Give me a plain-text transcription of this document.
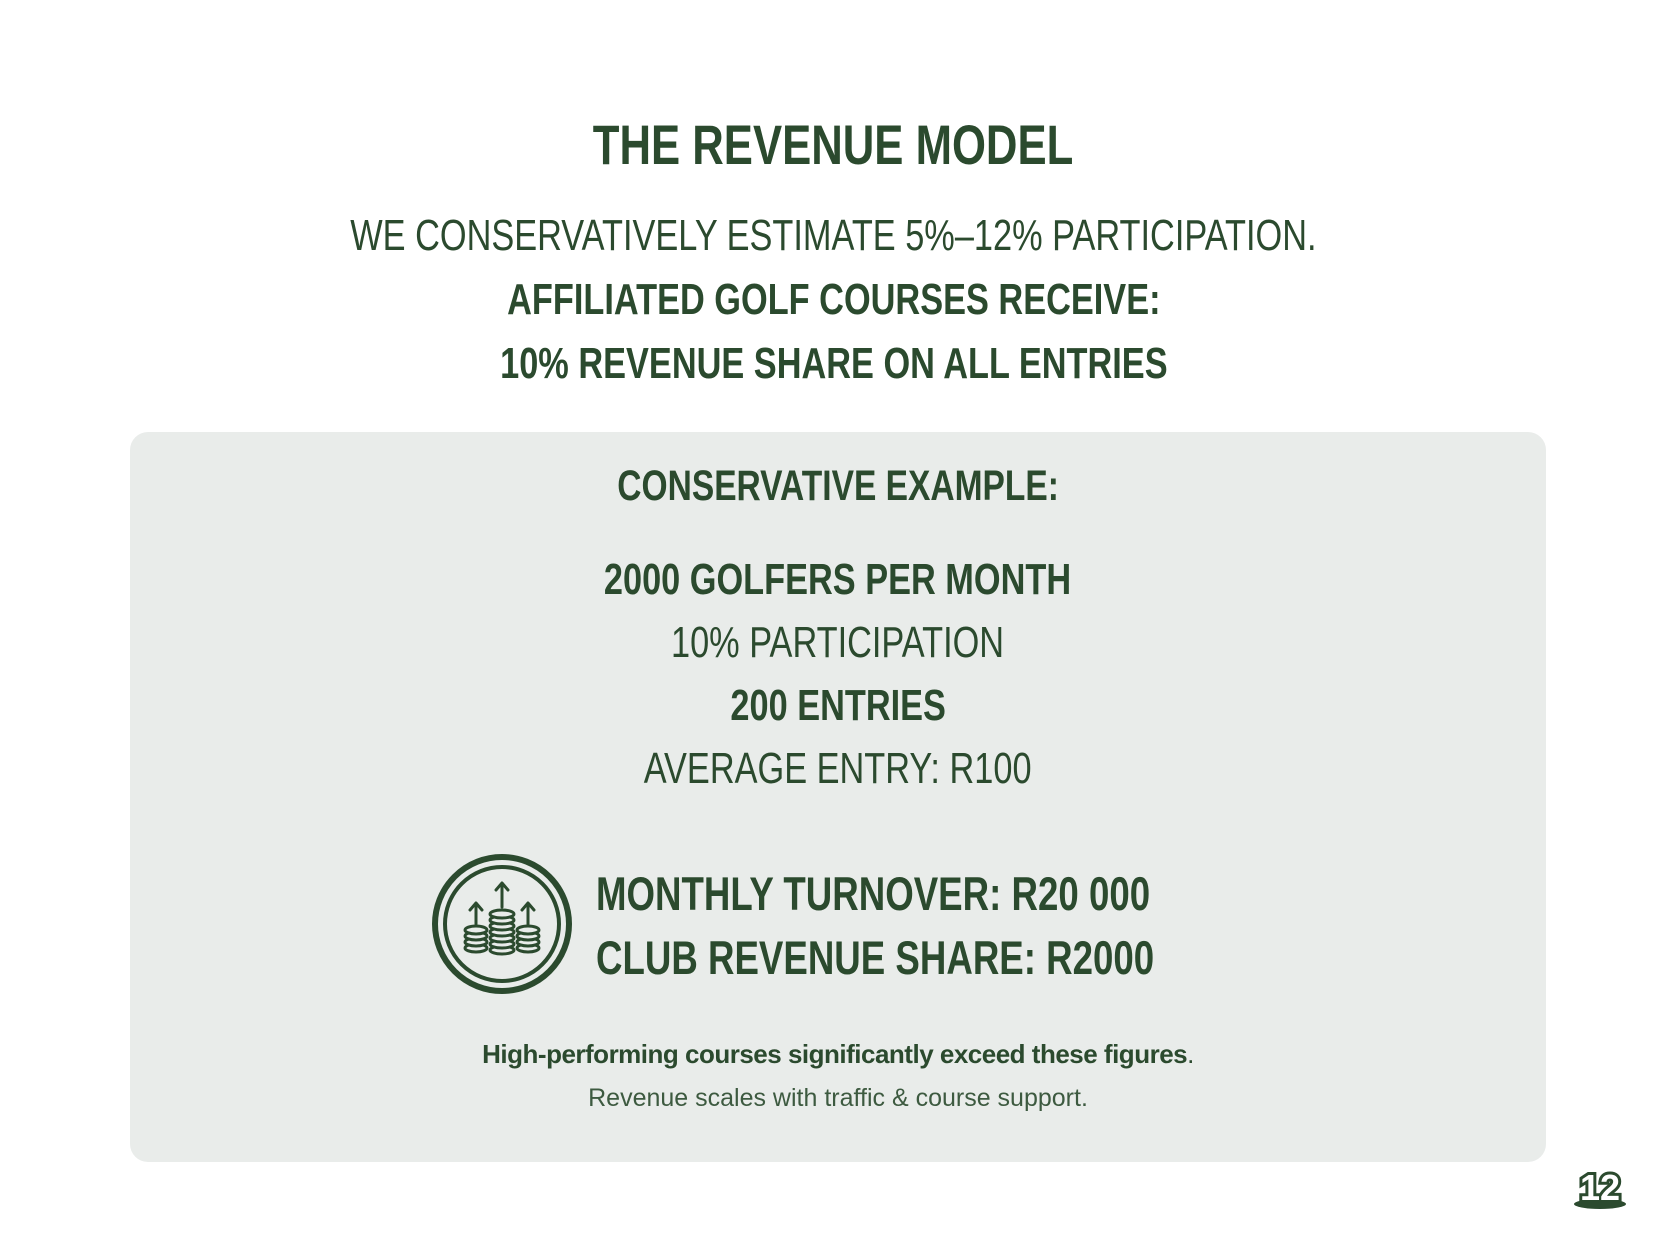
THE REVENUE MODEL
WE CONSERVATIVELY ESTIMATE 5%–12% PARTICIPATION.
AFFILIATED GOLF COURSES RECEIVE:
10% REVENUE SHARE ON ALL ENTRIES
CONSERVATIVE EXAMPLE:
2000 GOLFERS PER MONTH
10% PARTICIPATION
200 ENTRIES
AVERAGE ENTRY: R100
MONTHLY TURNOVER: R20 000
CLUB REVENUE SHARE: R2000
High-performing courses significantly exceed these figures.
Revenue scales with traffic & course support.
12
